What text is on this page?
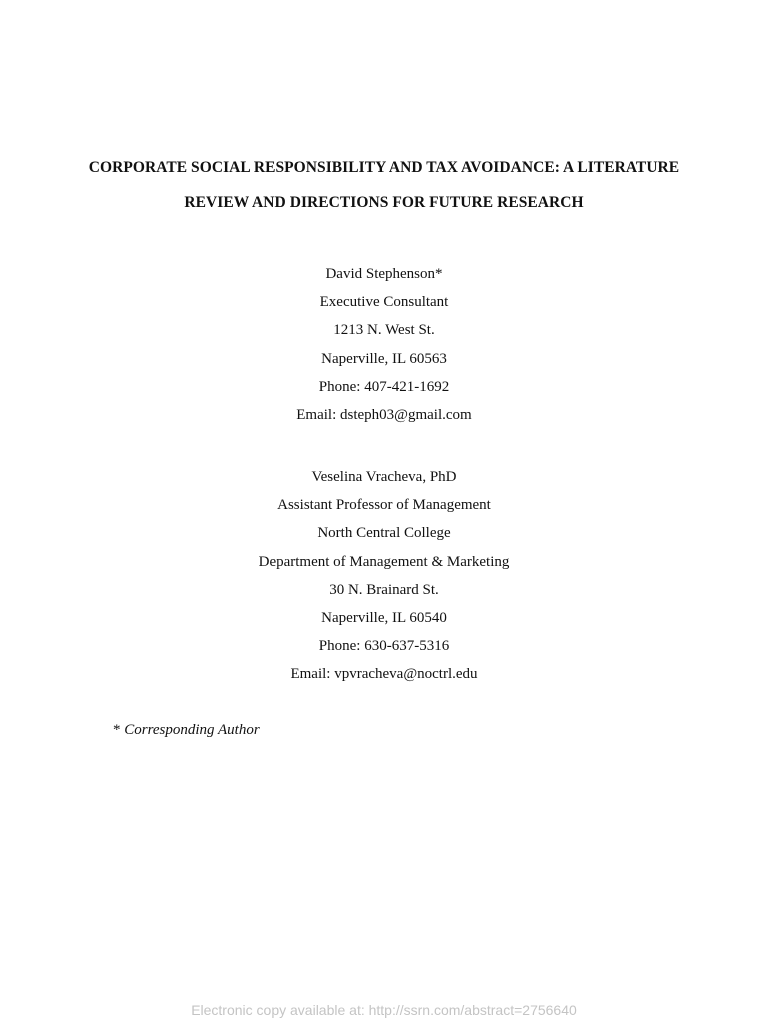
CORPORATE SOCIAL RESPONSIBILITY AND TAX AVOIDANCE: A LITERATURE
REVIEW AND DIRECTIONS FOR FUTURE RESEARCH
David Stephenson*
Executive Consultant
1213 N. West St.
Naperville, IL 60563
Phone: 407-421-1692
Email: dsteph03@gmail.com
Veselina Vracheva, PhD
Assistant Professor of Management
North Central College
Department of Management & Marketing
30 N. Brainard St.
Naperville, IL 60540
Phone: 630-637-5316
Email: vpvracheva@noctrl.edu
* Corresponding Author
Electronic copy available at: http://ssrn.com/abstract=2756640
